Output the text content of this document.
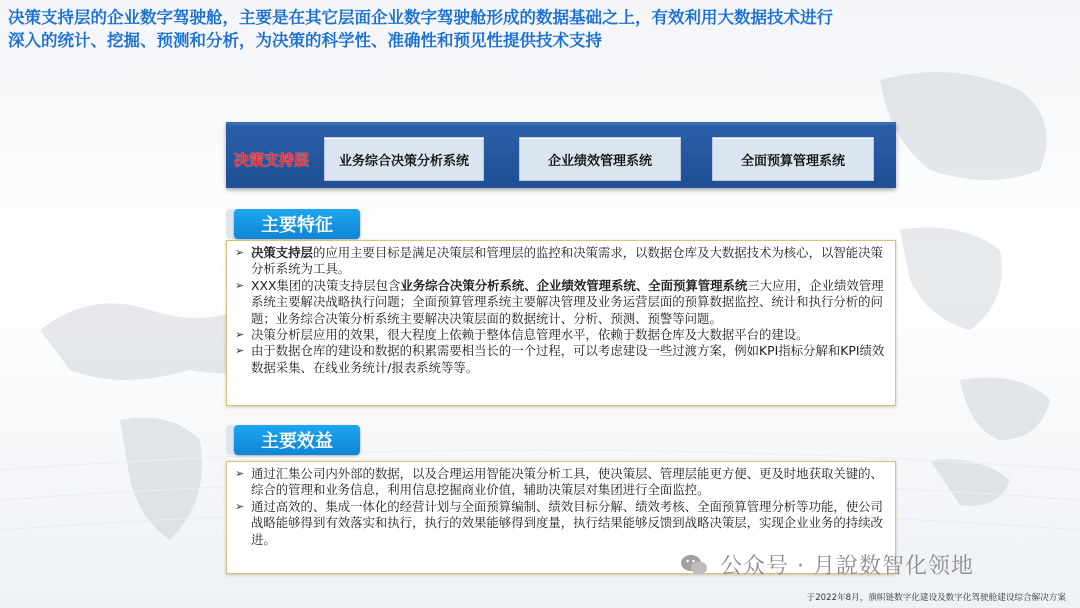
决策支持层的企业数字驾驶舱，主要是在其它层面企业数字驾驶舱形成的数据基础之上，有效利用大数据技术进行
深入的统计、挖掘、预测和分析，为决策的科学性、准确性和预见性提供技术支持
决策支持层	业务综合决策分析系统	企业绩效管理系统	全面预算管理系统
主要特征
➢ 决策支持层的应用主要目标是满足决策层和管理层的监控和决策需求，以数据仓库及大数据技术为核心，以智能决策分析系统为工具。
➢ XXX集团的决策支持层包含业务综合决策分析系统、企业绩效管理系统、全面预算管理系统三大应用，企业绩效管理系统主要解决战略执行问题；全面预算管理系统主要解决管理及业务运营层面的预算数据监控、统计和执行分析的问题；业务综合决策分析系统主要解决决策层面的数据统计、分析、预测、预警等问题。
➢ 决策分析层应用的效果，很大程度上依赖于整体信息管理水平，依赖于数据仓库及大数据平台的建设。
➢ 由于数据仓库的建设和数据的积累需要相当长的一个过程，可以考虑建设一些过渡方案，例如KPI指标分解和KPI绩效数据采集、在线业务统计/报表系统等等。
主要效益
➢ 通过汇集公司内外部的数据，以及合理运用智能决策分析工具，使决策层、管理层能更方便、更及时地获取关键的、综合的管理和业务信息，利用信息挖掘商业价值，辅助决策层对集团进行全面监控。
➢ 通过高效的、集成一体化的经营计划与全面预算编制、绩效目标分解、绩效考核、全面预算管理分析等功能，使公司战略能够得到有效落实和执行，执行的效果能够得到度量，执行结果能够反馈到战略决策层，实现企业业务的持续改进。
公众号 · 月說数智化领地
于2022年8月，旗帜链数字化建设及数字化驾驶舱建设综合解决方案
